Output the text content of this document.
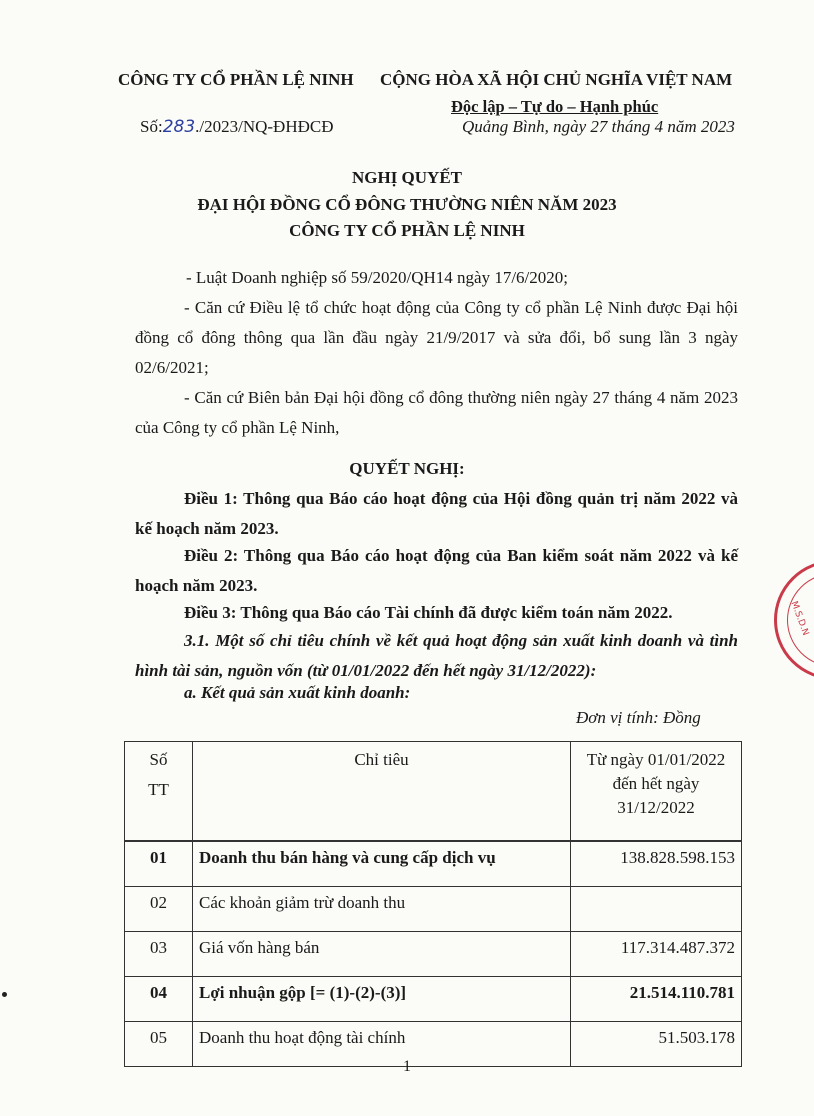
CÔNG TY CỔ PHẦN LỆ NINH CỘNG HÒA XÃ HỘI CHỦ NGHĨA VIỆT NAM
Độc lập – Tự do – Hạnh phúc
Số:283./2023/NQ-ĐHĐCĐ	Quảng Bình, ngày 27 tháng 4 năm 2023
NGHỊ QUYẾT
ĐẠI HỘI ĐỒNG CỔ ĐÔNG THƯỜNG NIÊN NĂM 2023
CÔNG TY CỔ PHẦN LỆ NINH
- Luật Doanh nghiệp số 59/2020/QH14 ngày 17/6/2020;
- Căn cứ Điều lệ tổ chức hoạt động của Công ty cổ phần Lệ Ninh được Đại hội đồng cổ đông thông qua lần đầu ngày 21/9/2017 và sửa đổi, bổ sung lần 3 ngày 02/6/2021;
- Căn cứ Biên bản Đại hội đồng cổ đông thường niên ngày 27 tháng 4 năm 2023 của Công ty cổ phần Lệ Ninh,
QUYẾT NGHỊ:
Điều 1: Thông qua Báo cáo hoạt động của Hội đồng quản trị năm 2022 và kế hoạch năm 2023.
Điều 2: Thông qua Báo cáo hoạt động của Ban kiểm soát năm 2022 và kế hoạch năm 2023.
Điều 3: Thông qua Báo cáo Tài chính đã được kiểm toán năm 2022.
3.1. Một số chỉ tiêu chính về kết quả hoạt động sản xuất kinh doanh và tình hình tài sản, nguồn vốn (từ 01/01/2022 đến hết ngày 31/12/2022):
a. Kết quả sản xuất kinh doanh:
Đơn vị tính: Đồng
Số
TT	Chỉ tiêu	Từ ngày 01/01/2022 đến hết ngày 31/12/2022
01	Doanh thu bán hàng và cung cấp dịch vụ	138.828.598.153
02	Các khoản giảm trừ doanh thu	
03	Giá vốn hàng bán	117.314.487.372
04	Lợi nhuận gộp [= (1)-(2)-(3)]	21.514.110.781
05	Doanh thu hoạt động tài chính	51.503.178
1
M.S.D.N
